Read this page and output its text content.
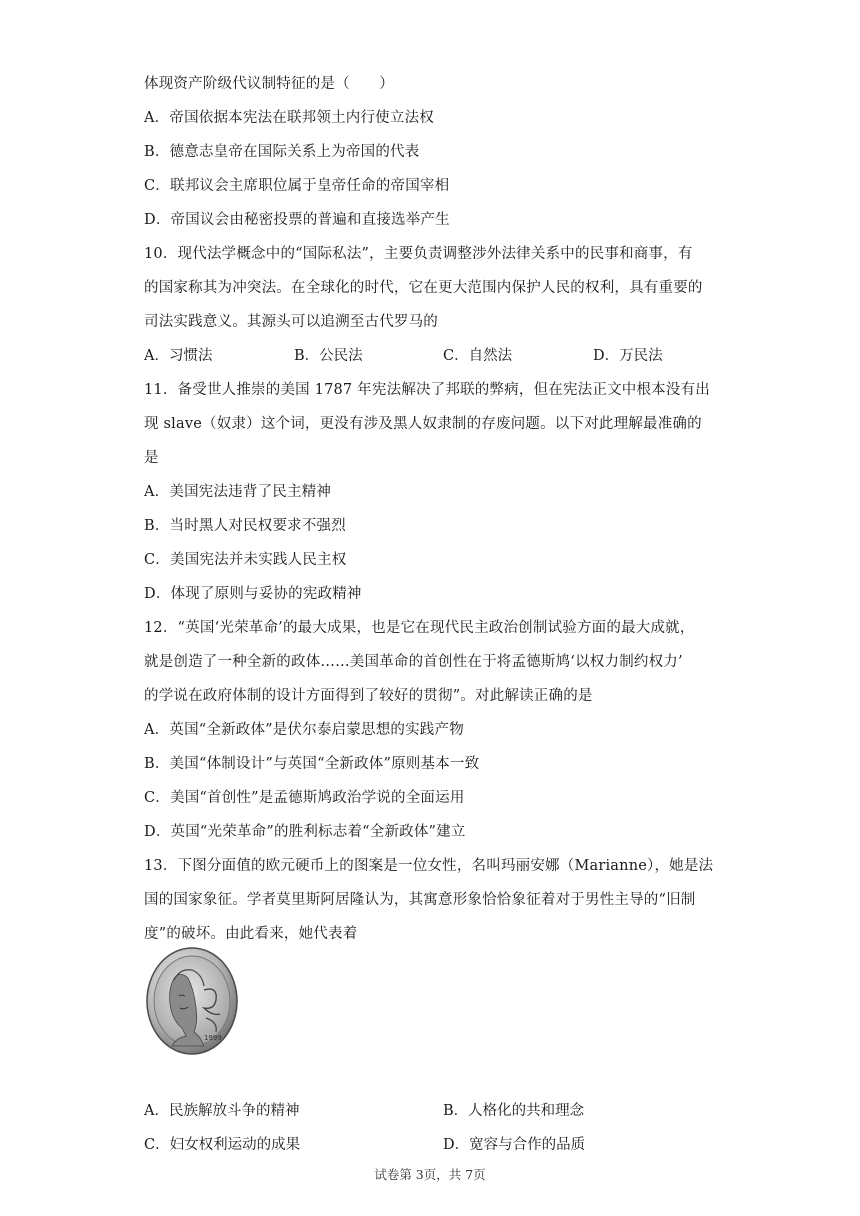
体现资产阶级代议制特征的是（　　）
A．帝国依据本宪法在联邦领土内行使立法权
B．德意志皇帝在国际关系上为帝国的代表
C．联邦议会主席职位属于皇帝任命的帝国宰相
D．帝国议会由秘密投票的普遍和直接选举产生
10．现代法学概念中的“国际私法”，主要负责调整涉外法律关系中的民事和商事，有
的国家称其为冲突法。在全球化的时代，它在更大范围内保护人民的权利，具有重要的
司法实践意义。其源头可以追溯至古代罗马的
A．习惯法	B．公民法	C．自然法	D．万民法
11．备受世人推崇的美国 1787 年宪法解决了邦联的弊病，但在宪法正文中根本没有出
现 slave（奴隶）这个词，更没有涉及黑人奴隶制的存废问题。以下对此理解最准确的
是
A．美国宪法违背了民主精神
B．当时黑人对民权要求不强烈
C．美国宪法并未实践人民主权
D．体现了原则与妥协的宪政精神
12．“英国‘光荣革命’的最大成果，也是它在现代民主政治创制试验方面的最大成就，
就是创造了一种全新的政体……美国革命的首创性在于将孟德斯鸠‘以权力制约权力’
的学说在政府体制的设计方面得到了较好的贯彻”。对此解读正确的是
A．英国“全新政体”是伏尔泰启蒙思想的实践产物
B．美国“体制设计”与英国“全新政体”原则基本一致
C．美国“首创性”是孟德斯鸠政治学说的全面运用
D．英国“光荣革命”的胜利标志着“全新政体”建立
13．下图分面值的欧元硬币上的图案是一位女性，名叫玛丽安娜（Marianne），她是法
国的国家象征。学者莫里斯阿居隆认为，其寓意形象恰恰象征着对于男性主导的“旧制
度”的破坏。由此看来，她代表着
1999
A．民族解放斗争的精神	B．人格化的共和理念
C．妇女权利运动的成果	D．宽容与合作的品质
试卷第 3页，共 7页
